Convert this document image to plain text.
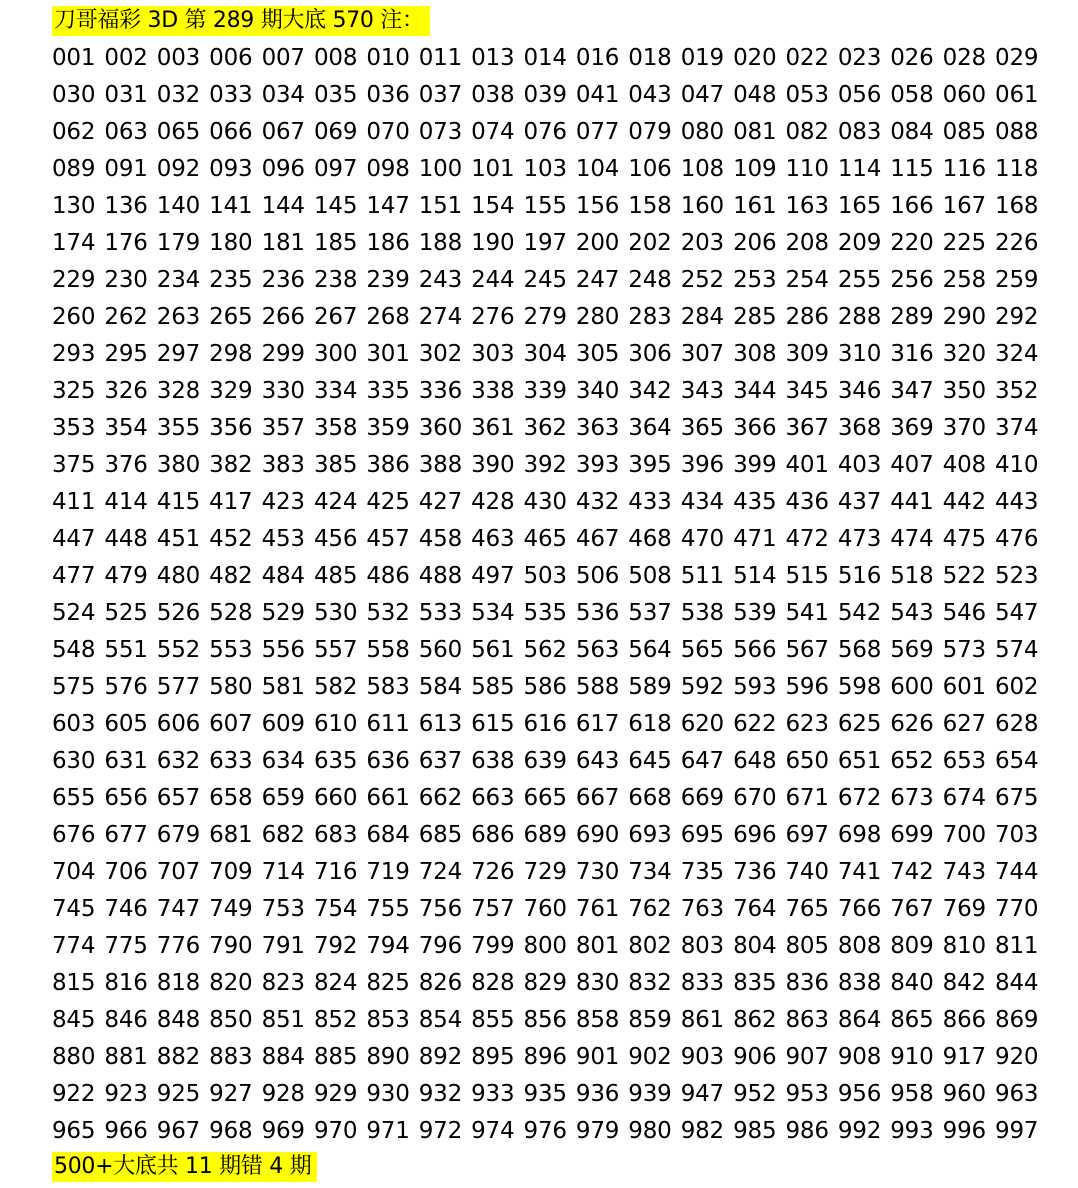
刀哥福彩 3D 第 289 期大底 570 注：
001 002 003 006 007 008 010 011 013 014 016 018 019 020 022 023 026 028 029
030 031 032 033 034 035 036 037 038 039 041 043 047 048 053 056 058 060 061
062 063 065 066 067 069 070 073 074 076 077 079 080 081 082 083 084 085 088
089 091 092 093 096 097 098 100 101 103 104 106 108 109 110 114 115 116 118
130 136 140 141 144 145 147 151 154 155 156 158 160 161 163 165 166 167 168
174 176 179 180 181 185 186 188 190 197 200 202 203 206 208 209 220 225 226
229 230 234 235 236 238 239 243 244 245 247 248 252 253 254 255 256 258 259
260 262 263 265 266 267 268 274 276 279 280 283 284 285 286 288 289 290 292
293 295 297 298 299 300 301 302 303 304 305 306 307 308 309 310 316 320 324
325 326 328 329 330 334 335 336 338 339 340 342 343 344 345 346 347 350 352
353 354 355 356 357 358 359 360 361 362 363 364 365 366 367 368 369 370 374
375 376 380 382 383 385 386 388 390 392 393 395 396 399 401 403 407 408 410
411 414 415 417 423 424 425 427 428 430 432 433 434 435 436 437 441 442 443
447 448 451 452 453 456 457 458 463 465 467 468 470 471 472 473 474 475 476
477 479 480 482 484 485 486 488 497 503 506 508 511 514 515 516 518 522 523
524 525 526 528 529 530 532 533 534 535 536 537 538 539 541 542 543 546 547
548 551 552 553 556 557 558 560 561 562 563 564 565 566 567 568 569 573 574
575 576 577 580 581 582 583 584 585 586 588 589 592 593 596 598 600 601 602
603 605 606 607 609 610 611 613 615 616 617 618 620 622 623 625 626 627 628
630 631 632 633 634 635 636 637 638 639 643 645 647 648 650 651 652 653 654
655 656 657 658 659 660 661 662 663 665 667 668 669 670 671 672 673 674 675
676 677 679 681 682 683 684 685 686 689 690 693 695 696 697 698 699 700 703
704 706 707 709 714 716 719 724 726 729 730 734 735 736 740 741 742 743 744
745 746 747 749 753 754 755 756 757 760 761 762 763 764 765 766 767 769 770
774 775 776 790 791 792 794 796 799 800 801 802 803 804 805 808 809 810 811
815 816 818 820 823 824 825 826 828 829 830 832 833 835 836 838 840 842 844
845 846 848 850 851 852 853 854 855 856 858 859 861 862 863 864 865 866 869
880 881 882 883 884 885 890 892 895 896 901 902 903 906 907 908 910 917 920
922 923 925 927 928 929 930 932 933 935 936 939 947 952 953 956 958 960 963
965 966 967 968 969 970 971 972 974 976 979 980 982 985 986 992 993 996 997
500+大底共 11 期错 4 期
